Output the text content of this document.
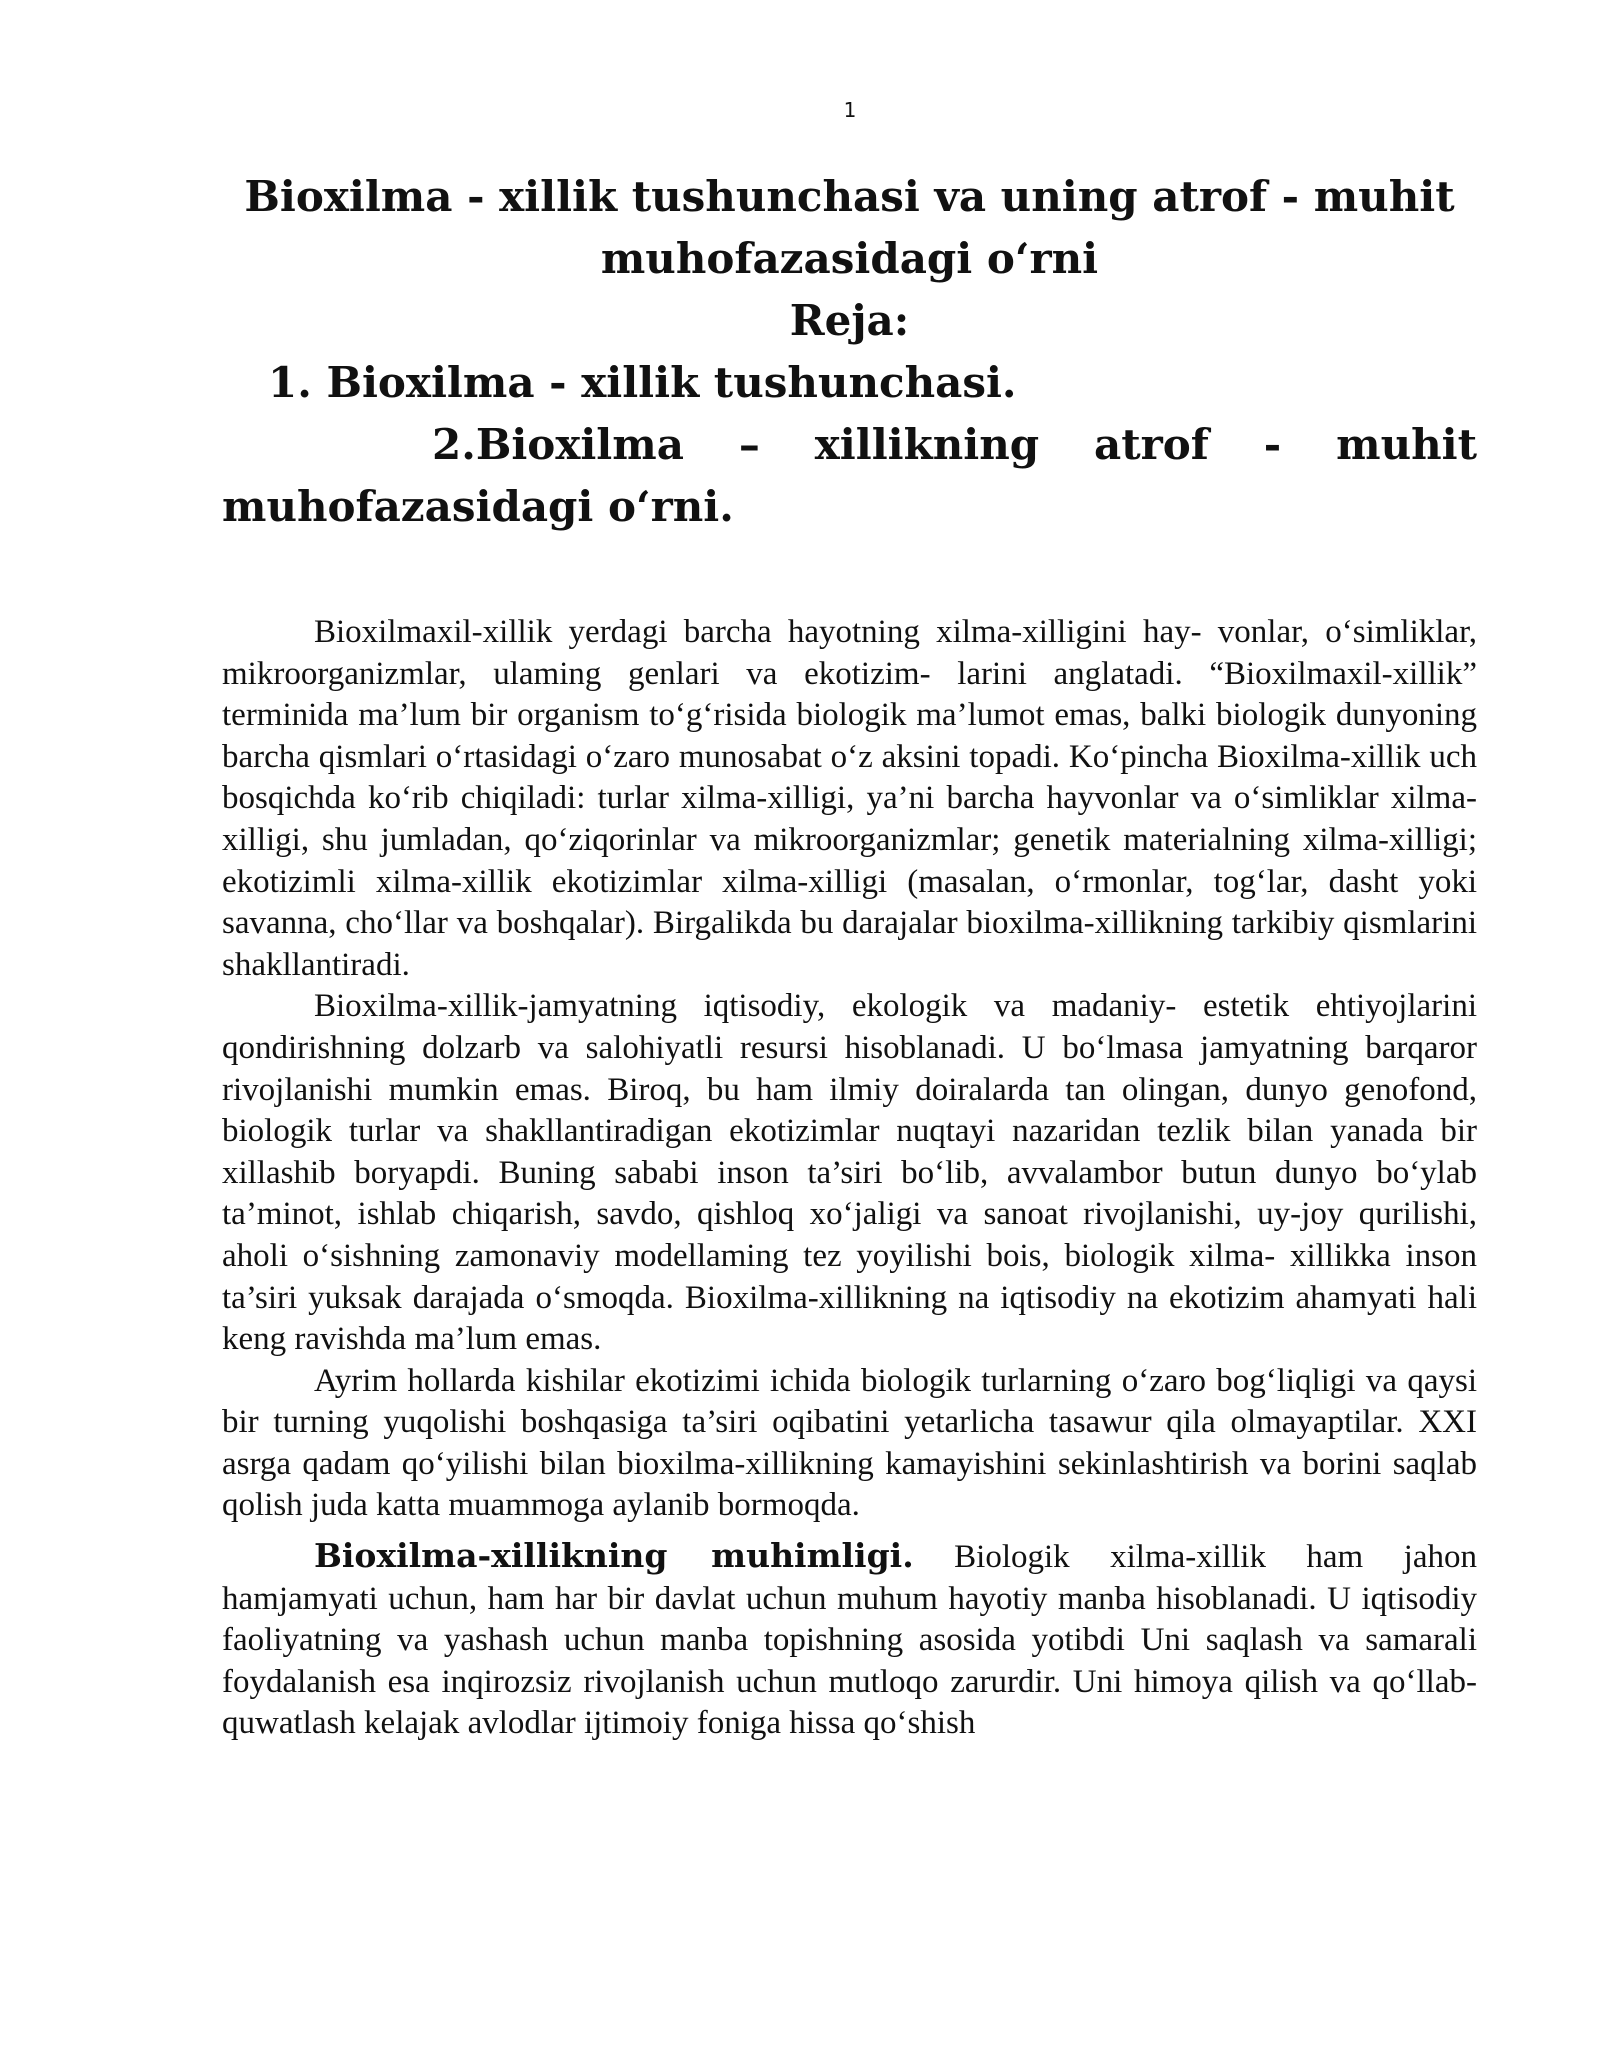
1
Bioxilma - xillik tushunchasi va uning atrof - muhit muhofazasidagi o‘rni
Reja:
1. Bioxilma - xillik tushunchasi.
2.Bioxilma – xillikning atrof - muhit
muhofazasidagi o‘rni.

Bioxilmaxil-xillik yerdagi barcha hayotning xilma-xilligini hay- vonlar, o‘simliklar, mikroorganizmlar, ulaming genlari va ekotizim- larini anglatadi. “Bioxilmaxil-xillik” terminida ma’lum bir organism to‘g‘risida biologik ma’lumot emas, balki biologik dunyoning barcha qismlari o‘rtasidagi o‘zaro munosabat o‘z aksini topadi. Ko‘pincha Bioxilma-xillik uch bosqichda ko‘rib chiqiladi: turlar xilma-xilligi, ya’ni barcha hayvonlar va o‘simliklar xilma-xilligi, shu jumladan, qo‘ziqorinlar va mikroorganizmlar; genetik materialning xilma-xilligi; ekotizimli xilma-xillik ekotizimlar xilma-xilligi (masalan, o‘rmonlar, tog‘lar, dasht yoki savanna, cho‘llar va boshqalar). Birgalikda bu darajalar bioxilma-xillikning tarkibiy qismlarini shakllantiradi.

Bioxilma-xillik-jamyatning iqtisodiy, ekologik va madaniy- estetik ehtiyojlarini qondirishning dolzarb va salohiyatli resursi hisoblanadi. U bo‘lmasa jamyatning barqaror rivojlanishi mumkin emas. Biroq, bu ham ilmiy doiralarda tan olingan, dunyo genofond, biologik turlar va shakllantiradigan ekotizimlar nuqtayi nazaridan tezlik bilan yanada bir xillashib boryapdi. Buning sababi inson ta’siri bo‘lib, avvalambor butun dunyo bo‘ylab ta’minot, ishlab chiqarish, savdo, qishloq xo‘jaligi va sanoat rivojlanishi, uy-joy qurilishi, aholi o‘sishning zamonaviy modellaming tez yoyilishi bois, biologik xilma- xillikka inson ta’siri yuksak darajada o‘smoqda. Bioxilma-xillikning na iqtisodiy na ekotizim ahamyati hali keng ravishda ma’lum emas.

Ayrim hollarda kishilar ekotizimi ichida biologik turlarning o‘zaro bog‘liqligi va qaysi bir turning yuqolishi boshqasiga ta’siri oqibatini yetarlicha tasawur qila olmayaptilar. XXI asrga qadam qo‘yilishi bilan bioxilma-xillikning kamayishini sekinlashtirish va borini saqlab qolish juda katta muammoga aylanib bormoqda.

Bioxilma-xillikning muhimligi. Biologik xilma-xillik ham jahon hamjamyati uchun, ham har bir davlat uchun muhum hayotiy manba hisoblanadi. U iqtisodiy faoliyatning va yashash uchun manba topishning asosida yotibdi Uni saqlash va samarali foydalanish esa inqirozsiz rivojlanish uchun mutloqo zarurdir. Uni himoya qilish va qo‘llab-quwatlash kelajak avlodlar ijtimoiy foniga hissa qo‘shish
